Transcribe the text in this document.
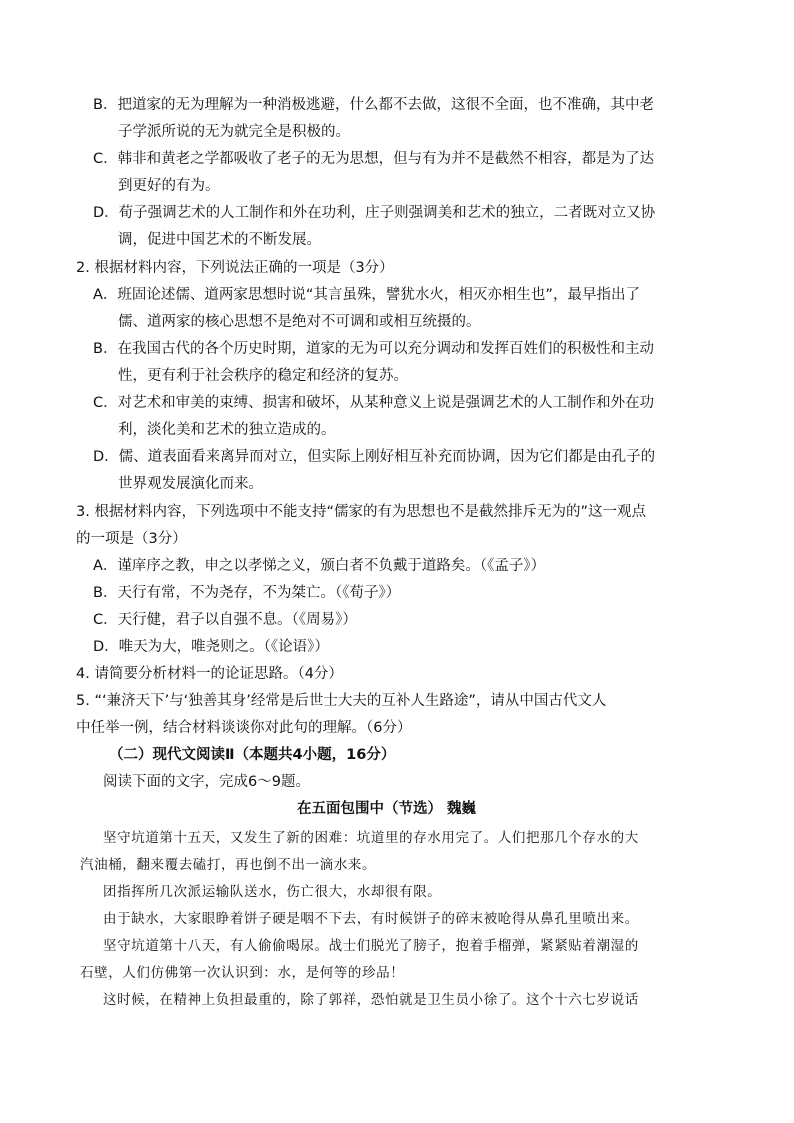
B．把道家的无为理解为一种消极逃避，什么都不去做，这很不全面，也不准确，其中老
子学派所说的无为就完全是积极的。
C．韩非和黄老之学都吸收了老子的无为思想，但与有为并不是截然不相容，都是为了达
到更好的有为。
D．荀子强调艺术的人工制作和外在功利，庄子则强调美和艺术的独立，二者既对立又协
调，促进中国艺术的不断发展。
2. 根据材料内容，下列说法正确的一项是（3分）
A．班固论述儒、道两家思想时说“其言虽殊，譬犹水火，相灭亦相生也”，最早指出了
儒、道两家的核心思想不是绝对不可调和或相互统摄的。
B．在我国古代的各个历史时期，道家的无为可以充分调动和发挥百姓们的积极性和主动
性，更有利于社会秩序的稳定和经济的复苏。
C．对艺术和审美的束缚、损害和破坏，从某种意义上说是强调艺术的人工制作和外在功
利，淡化美和艺术的独立造成的。
D．儒、道表面看来离异而对立，但实际上刚好相互补充而协调，因为它们都是由孔子的
世界观发展演化而来。
3. 根据材料内容，下列选项中不能支持“儒家的有为思想也不是截然排斥无为的”这一观点
的一项是（3分）
A．谨庠序之教，申之以孝悌之义，颁白者不负戴于道路矣。（《孟子》）
B．天行有常，不为尧存，不为桀亡。（《荀子》）
C．天行健，君子以自强不息。（《周易》）
D．唯天为大，唯尧则之。（《论语》）
4. 请简要分析材料一的论证思路。（4分）
5. “‘兼济天下’与‘独善其身’经常是后世士大夫的互补人生路途”，请从中国古代文人
中任举一例，结合材料谈谈你对此句的理解。（6分）
（二）现代文阅读Ⅱ（本题共4小题，16分）
阅读下面的文字，完成6～9题。
在五面包围中（节选） 魏巍
坚守坑道第十五天，又发生了新的困难：坑道里的存水用完了。人们把那几个存水的大
汽油桶，翻来覆去磕打，再也倒不出一滴水来。
团指挥所几次派运输队送水，伤亡很大，水却很有限。
由于缺水，大家眼睁着饼子硬是咽不下去，有时候饼子的碎末被呛得从鼻孔里喷出来。
坚守坑道第十八天，有人偷偷喝尿。战士们脱光了膀子，抱着手榴弹，紧紧贴着潮湿的
石壁，人们仿佛第一次认识到：水，是何等的珍品！
这时候，在精神上负担最重的，除了郭祥，恐怕就是卫生员小徐了。这个十六七岁说话
